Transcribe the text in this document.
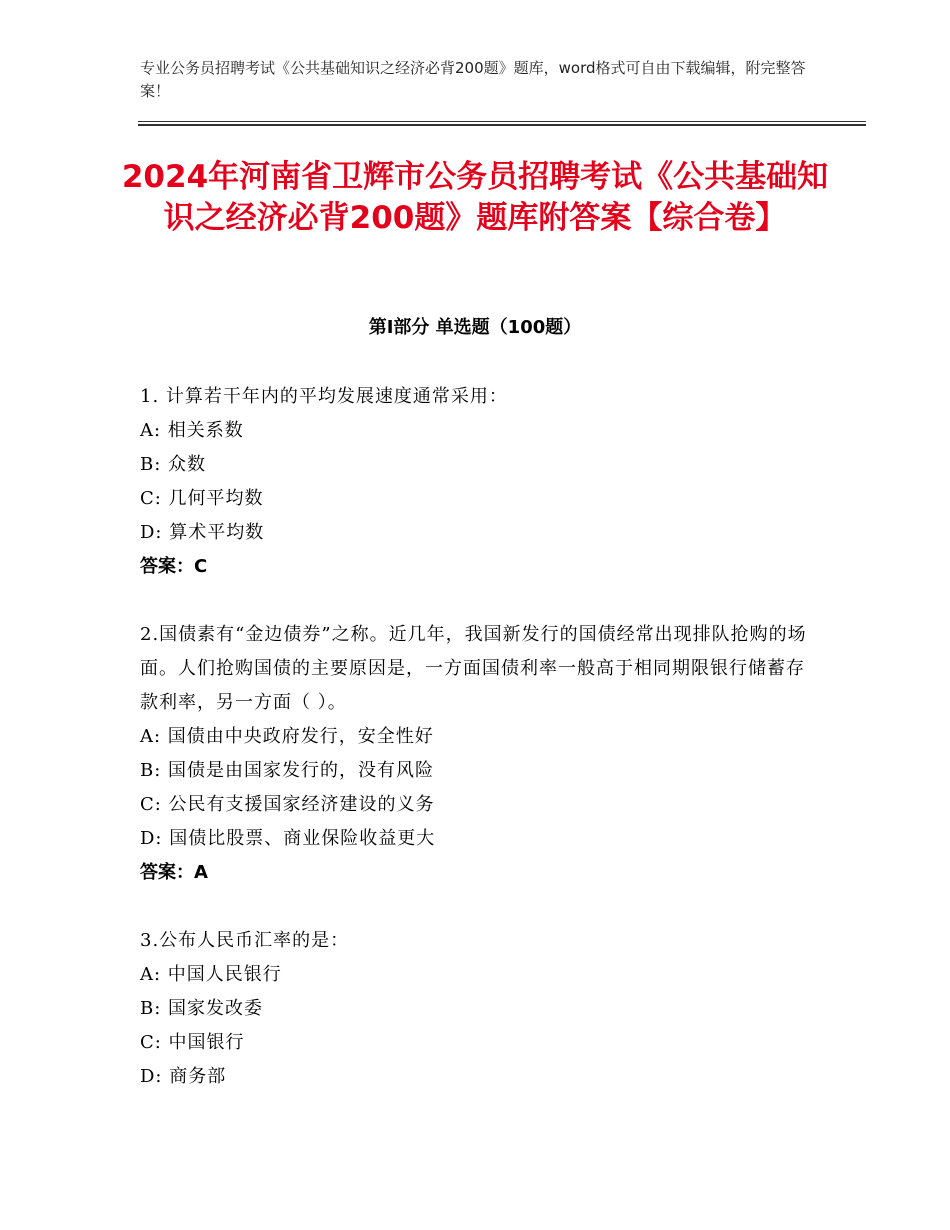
专业公务员招聘考试《公共基础知识之经济必背200题》题库，word格式可自由下载编辑，附完整答案！
2024年河南省卫辉市公务员招聘考试《公共基础知识之经济必背200题》题库附答案【综合卷】
第Ⅰ部分 单选题（100题）
1. 计算若干年内的平均发展速度通常采用：
A: 相关系数
B: 众数
C: 几何平均数
D: 算术平均数
答案：C
2.国债素有“金边债券”之称。近几年，我国新发行的国债经常出现排队抢购的场面。人们抢购国债的主要原因是，一方面国债利率一般高于相同期限银行储蓄存款利率，另一方面（ ）。
A: 国债由中央政府发行，安全性好
B: 国债是由国家发行的，没有风险
C: 公民有支援国家经济建设的义务
D: 国债比股票、商业保险收益更大
答案：A
3.公布人民币汇率的是：
A: 中国人民银行
B: 国家发改委
C: 中国银行
D: 商务部
